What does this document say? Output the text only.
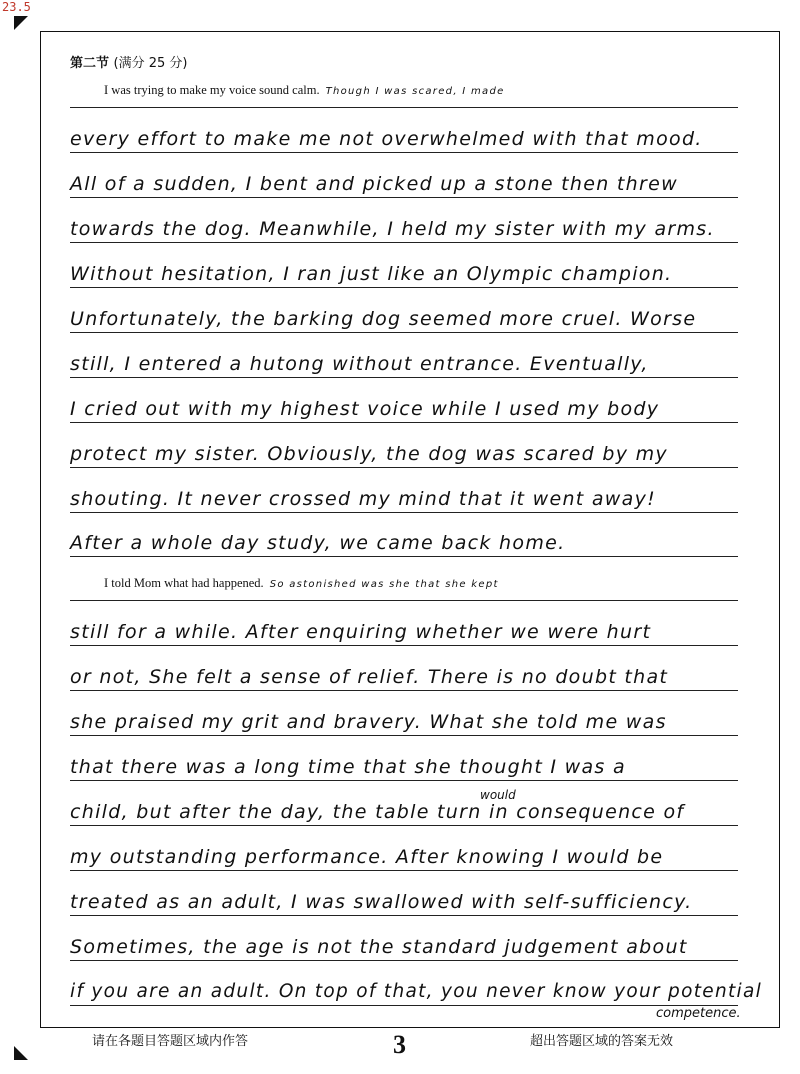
23.5
第二节 (满分 25 分)
I was trying to make my voice sound calm. Though I was scared, I made
every effort to make me not overwhelmed with that mood.
All of a sudden, I bent and picked up a stone then threw
towards the dog. Meanwhile, I held my sister with my arms.
Without hesitation, I ran just like an Olympic champion.
Unfortunately, the barking dog seemed more cruel. Worse
still, I entered a hutong without entrance. Eventually,
I cried out with my highest voice while I used my body
protect my sister. Obviously, the dog was scared by my
shouting. It never crossed my mind that it went away!
After a whole day study, we came back home.
I told Mom what had happened. So astonished was she that she kept
still for a while. After enquiring whether we were hurt
or not, She felt a sense of relief. There is no doubt that
she praised my grit and bravery. What she told me was
that there was a long time that she thought I was a
child, but after the day, the table turn in consequence of
my outstanding performance. After knowing I would be
treated as an adult, I was swallowed with self-sufficiency.
Sometimes, the age is not the standard judgement about
if you are an adult. On top of that, you never know your potential
would
competence.
请在各题目答题区域内作答	3	超出答题区域的答案无效
